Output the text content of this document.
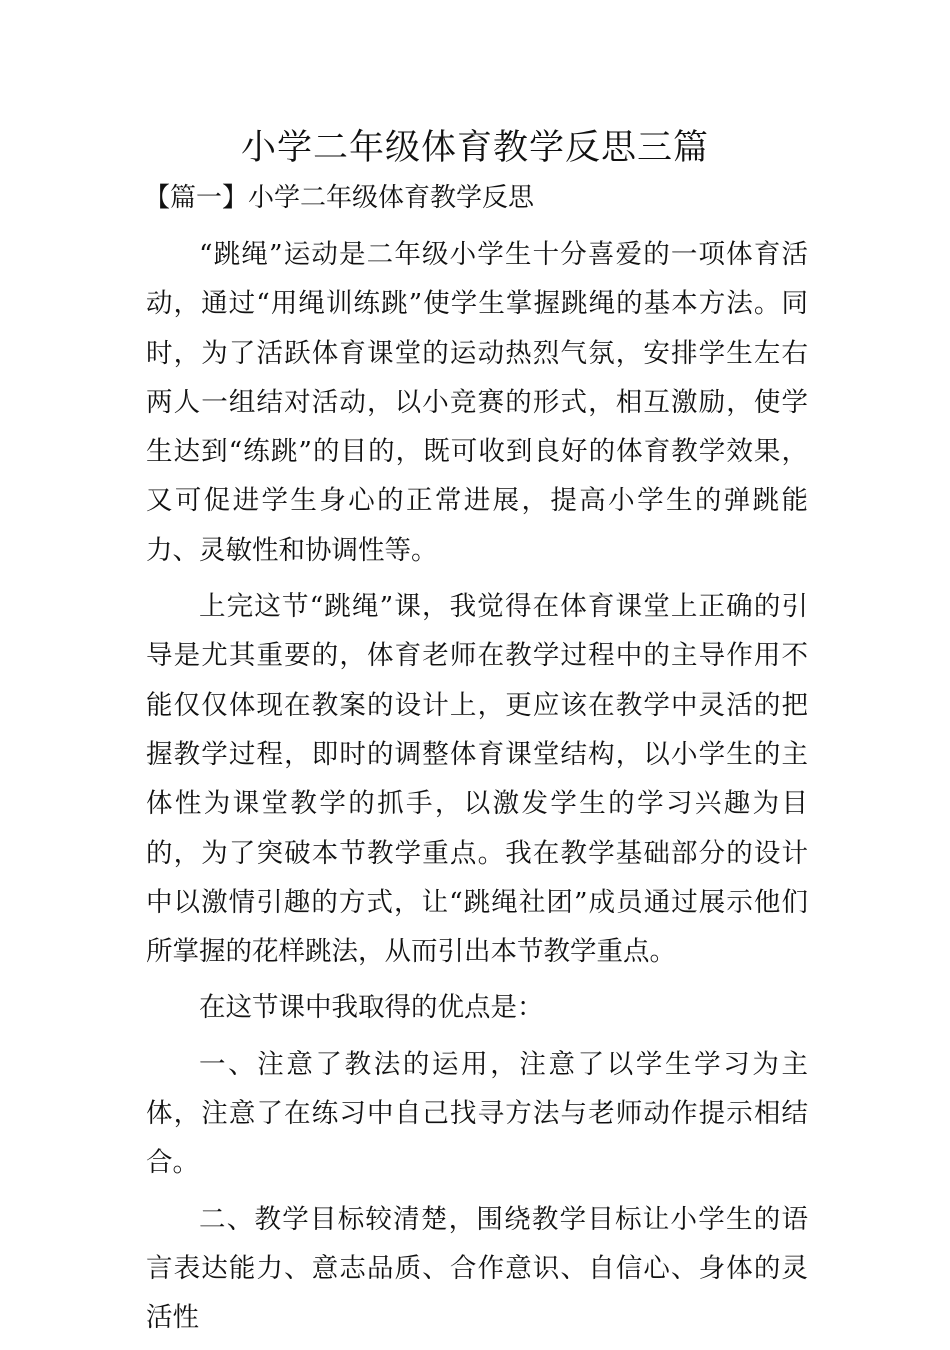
小学二年级体育教学反思三篇

【篇一】小学二年级体育教学反思

“跳绳”运动是二年级小学生十分喜爱的一项体育活动，通过“用绳训练跳”使学生掌握跳绳的基本方法。同时，为了活跃体育课堂的运动热烈气氛，安排学生左右两人一组结对活动，以小竞赛的形式，相互激励，使学生达到“练跳”的目的，既可收到良好的体育教学效果，又可促进学生身心的正常进展，提高小学生的弹跳能力、灵敏性和协调性等。

上完这节“跳绳”课，我觉得在体育课堂上正确的引导是尤其重要的，体育老师在教学过程中的主导作用不能仅仅体现在教案的设计上，更应该在教学中灵活的把握教学过程，即时的调整体育课堂结构，以小学生的主体性为课堂教学的抓手，以激发学生的学习兴趣为目的，为了突破本节教学重点。我在教学基础部分的设计中以激情引趣的方式，让“跳绳社团”成员通过展示他们所掌握的花样跳法，从而引出本节教学重点。

在这节课中我取得的优点是：

一、注意了教法的运用，注意了以学生学习为主体，注意了在练习中自己找寻方法与老师动作提示相结合。

二、教学目标较清楚，围绕教学目标让小学生的语言表达能力、意志品质、合作意识、自信心、身体的灵活性
